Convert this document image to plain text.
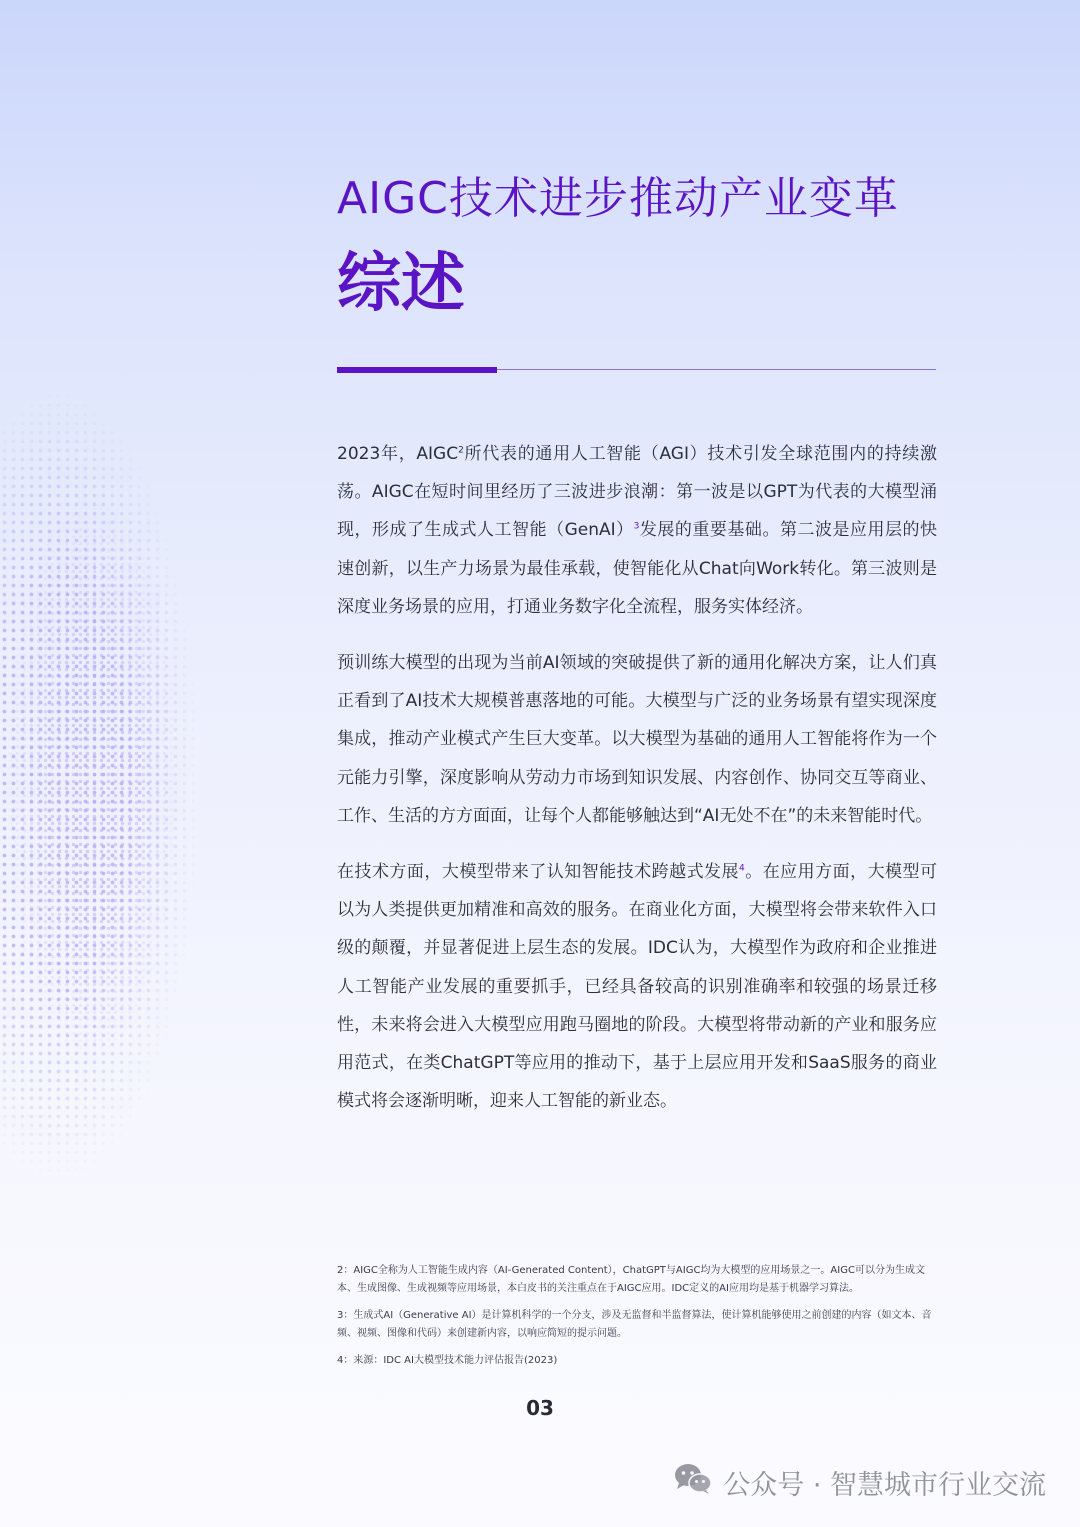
AIGC技术进步推动产业变革
综述

2023年，AIGC$^2$所代表的通用人工智能（AGI）技术引发全球范围内的持续激荡。AIGC在短时间里经历了三波进步浪潮：第一波是以GPT为代表的大模型涌现，形成了生成式人工智能（GenAI）$^3$发展的重要基础。第二波是应用层的快速创新，以生产力场景为最佳承载，使智能化从Chat向Work转化。第三波则是深度业务场景的应用，打通业务数字化全流程，服务实体经济。

预训练大模型的出现为当前AI领域的突破提供了新的通用化解决方案，让人们真正看到了AI技术大规模普惠落地的可能。大模型与广泛的业务场景有望实现深度集成，推动产业模式产生巨大变革。以大模型为基础的通用人工智能将作为一个元能力引擎，深度影响从劳动力市场到知识发展、内容创作、协同交互等商业、工作、生活的方方面面，让每个人都能够触达到“AI无处不在”的未来智能时代。

在技术方面，大模型带来了认知智能技术跨越式发展$^4$。在应用方面，大模型可以为人类提供更加精准和高效的服务。在商业化方面，大模型将会带来软件入口级的颠覆，并显著促进上层生态的发展。IDC认为，大模型作为政府和企业推进人工智能产业发展的重要抓手，已经具备较高的识别准确率和较强的场景迁移性，未来将会进入大模型应用跑马圈地的阶段。大模型将带动新的产业和服务应用范式，在类ChatGPT等应用的推动下，基于上层应用开发和SaaS服务的商业模式将会逐渐明晰，迎来人工智能的新业态。

2：AIGC全称为人工智能生成内容（AI-Generated Content），ChatGPT与AIGC均为大模型的应用场景之一。AIGC可以分为生成文本、生成图像、生成视频等应用场景，本白皮书的关注重点在于AIGC应用。IDC定义的AI应用均是基于机器学习算法。

3：生成式AI（Generative AI）是计算机科学的一个分支，涉及无监督和半监督算法，使计算机能够使用之前创建的内容（如文本、音频、视频、图像和代码）来创建新内容，以响应简短的提示问题。

4：来源：IDC AI大模型技术能力评估报告(2023)

03
公众号 · 智慧城市行业交流
